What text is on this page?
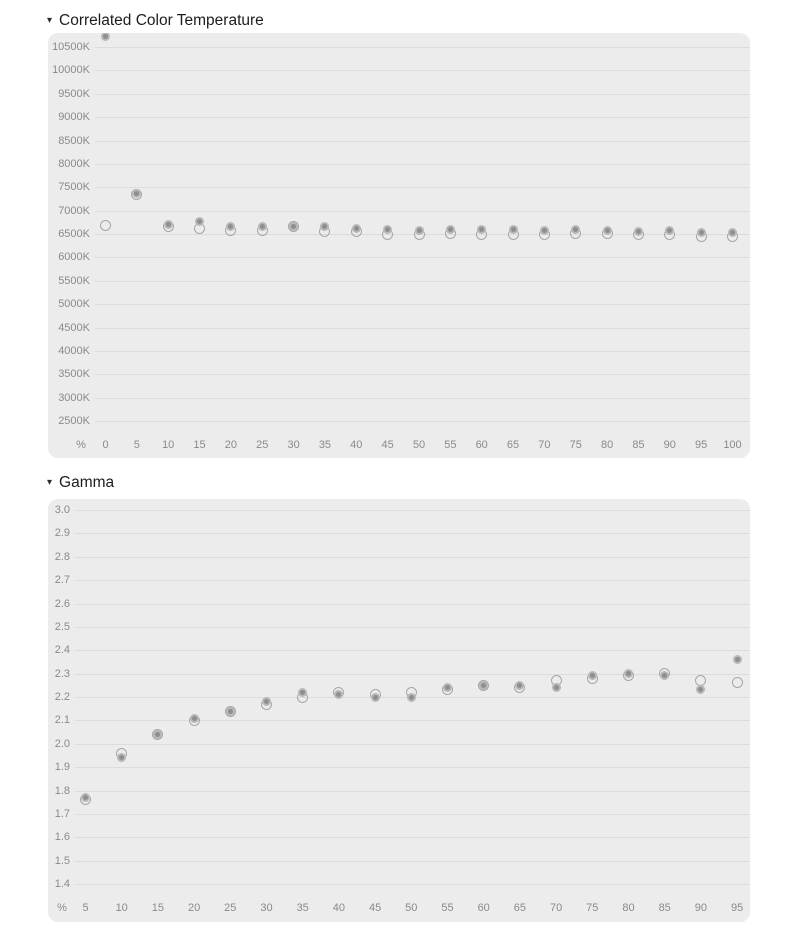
▾ Correlated Color Temperature
10500K
10000K
9500K
9000K
8500K
8000K
7500K
7000K
6500K
6000K
5500K
5000K
4500K
4000K
3500K
3000K
2500K
%	0	5	10	15	20	25	30	35	40	45	50	55	60	65	70	75	80	85	90	95	100
▾ Gamma
3.0
2.9
2.8
2.7
2.6
2.5
2.4
2.3
2.2
2.1
2.0
1.9
1.8
1.7
1.6
1.5
1.4
%	5	10	15	20	25	30	35	40	45	50	55	60	65	70	75	80	85	90	95
